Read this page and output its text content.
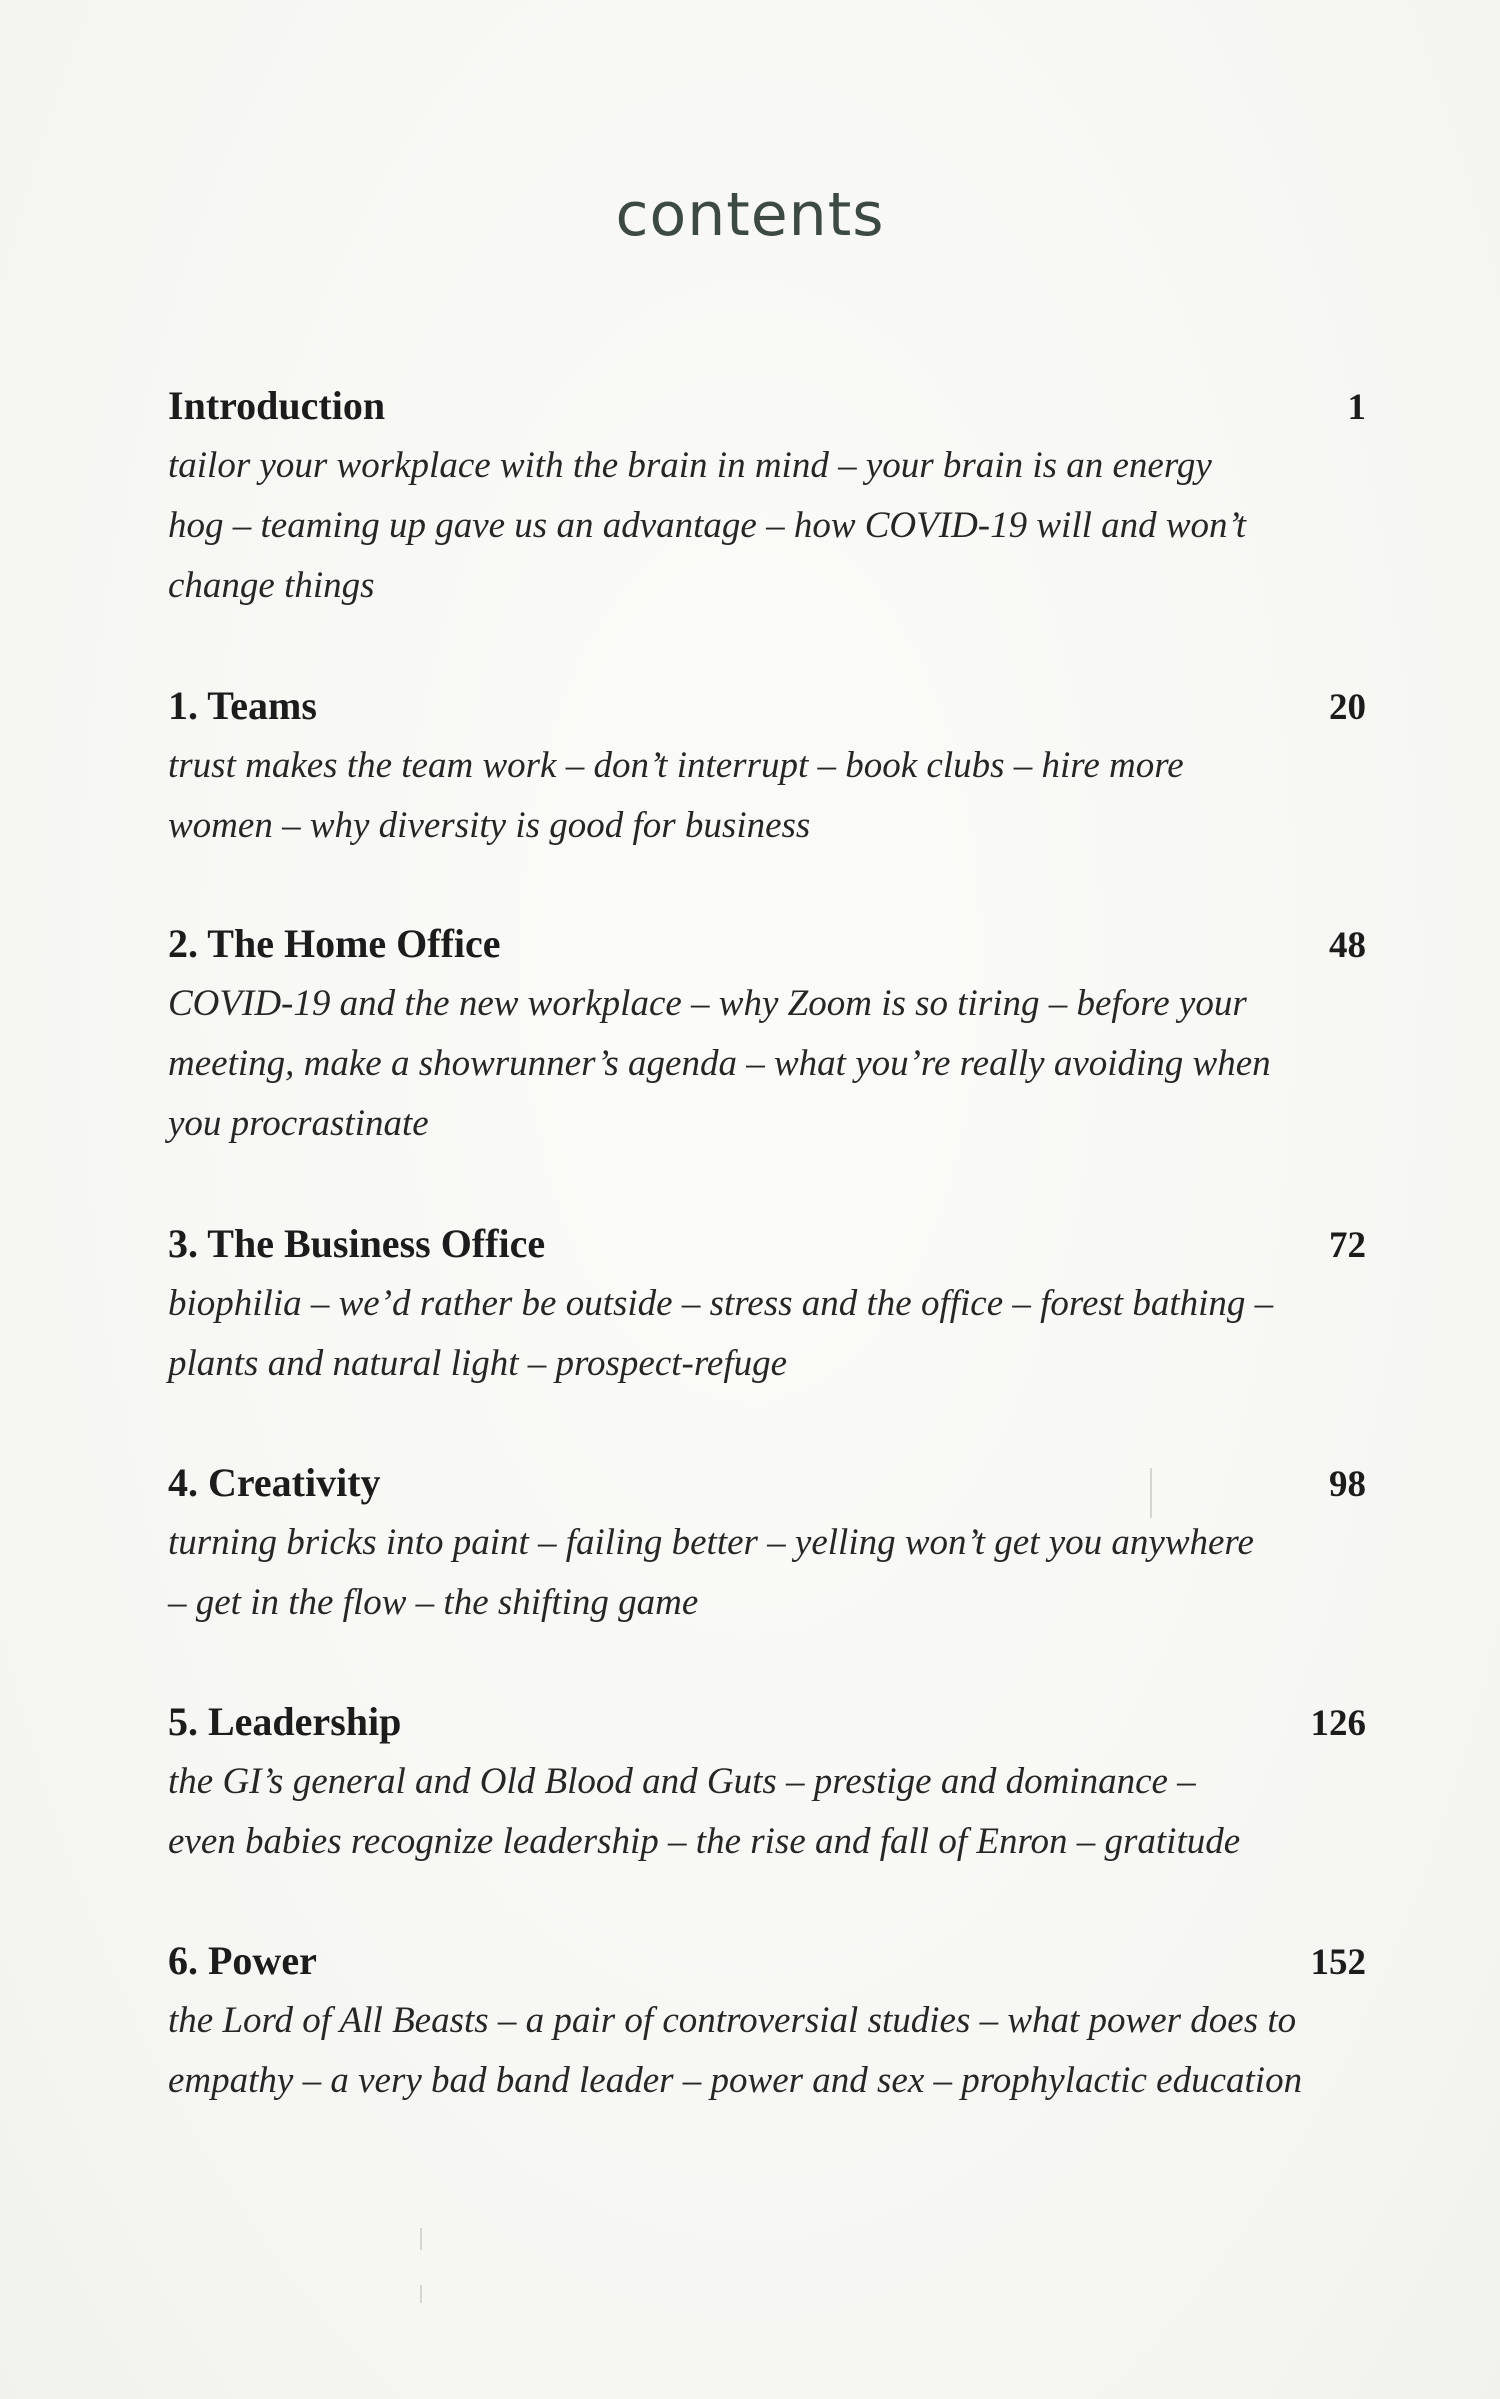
contents
Introduction	1
tailor your workplace with the brain in mind – your brain is an energy
hog – teaming up gave us an advantage – how COVID-19 will and won’t
change things
1. Teams	20
trust makes the team work – don’t interrupt – book clubs – hire more
women – why diversity is good for business
2. The Home Office	48
COVID-19 and the new workplace – why Zoom is so tiring – before your
meeting, make a showrunner’s agenda – what you’re really avoiding when
you procrastinate
3. The Business Office	72
biophilia – we’d rather be outside – stress and the office – forest bathing –
plants and natural light – prospect-refuge
4. Creativity	98
turning bricks into paint – failing better – yelling won’t get you anywhere
– get in the flow – the shifting game
5. Leadership	126
the GI’s general and Old Blood and Guts – prestige and dominance –
even babies recognize leadership – the rise and fall of Enron – gratitude
6. Power	152
the Lord of All Beasts – a pair of controversial studies – what power does to
empathy – a very bad band leader – power and sex – prophylactic education
